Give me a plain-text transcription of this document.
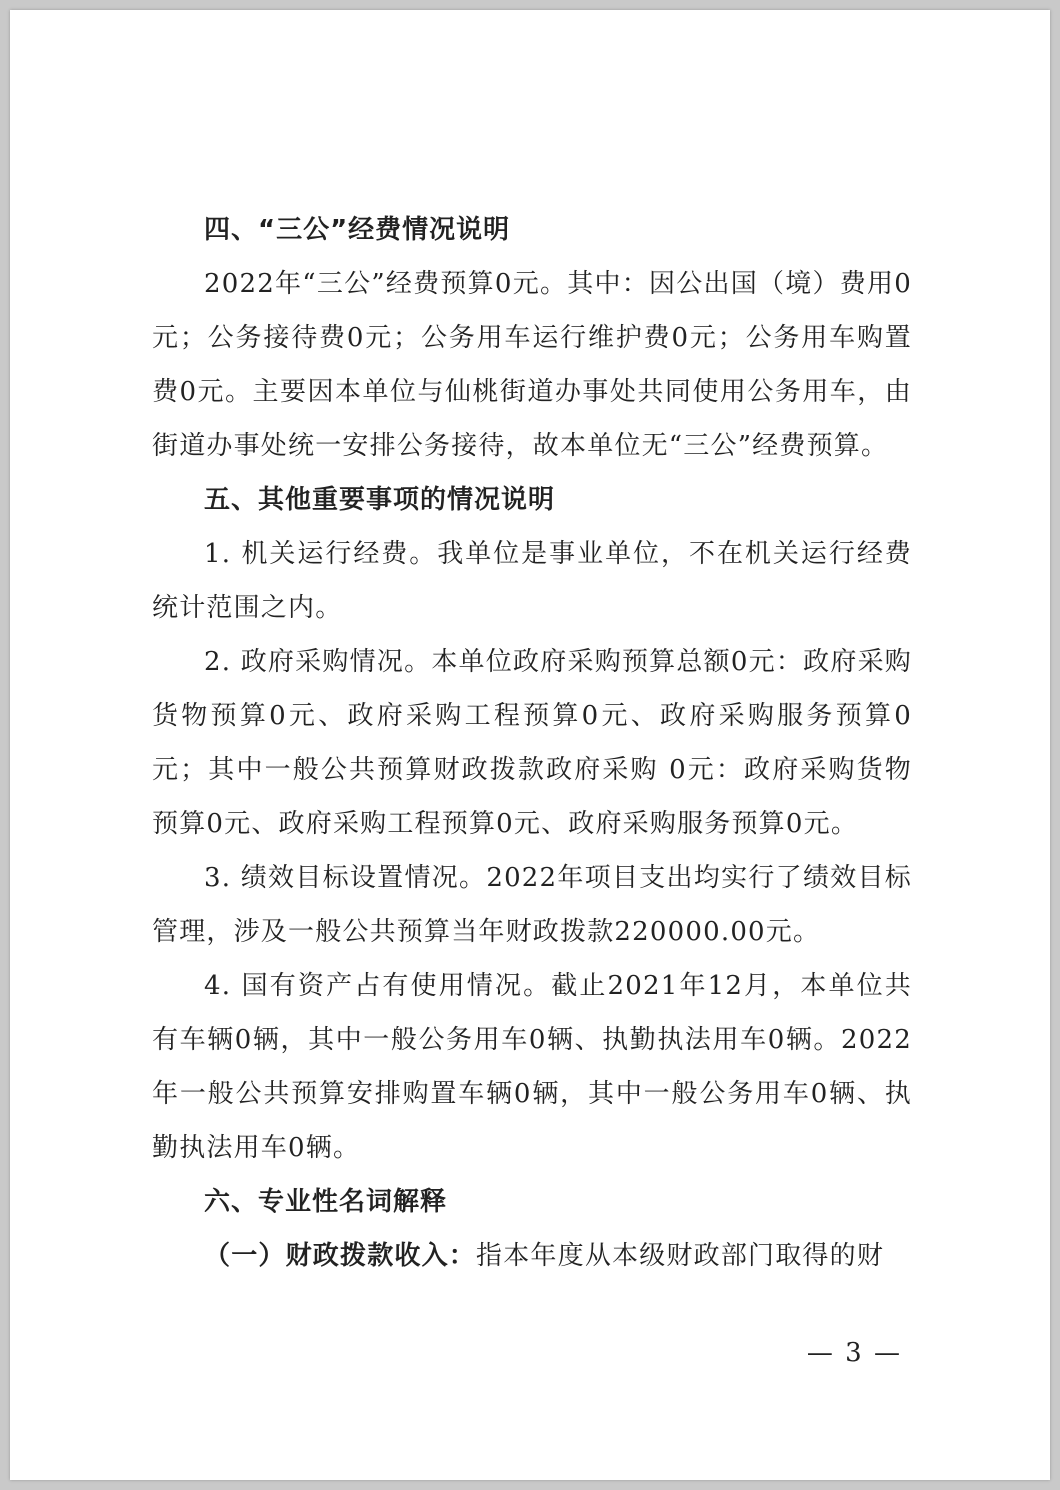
四、“三公”经费情况说明

2022年“三公”经费预算0元。其中：因公出国（境）费用0元；公务接待费0元；公务用车运行维护费0元；公务用车购置费0元。主要因本单位与仙桃街道办事处共同使用公务用车，由街道办事处统一安排公务接待，故本单位无“三公”经费预算。

五、其他重要事项的情况说明

1. 机关运行经费。我单位是事业单位，不在机关运行经费统计范围之内。

2. 政府采购情况。本单位政府采购预算总额0元：政府采购货物预算0元、政府采购工程预算0元、政府采购服务预算0元；其中一般公共预算财政拨款政府采购 0元：政府采购货物预算0元、政府采购工程预算0元、政府采购服务预算0元。

3. 绩效目标设置情况。2022年项目支出均实行了绩效目标管理，涉及一般公共预算当年财政拨款220000.00元。

4. 国有资产占有使用情况。截止2021年12月，本单位共有车辆0辆，其中一般公务用车0辆、执勤执法用车0辆。2022年一般公共预算安排购置车辆0辆，其中一般公务用车0辆、执勤执法用车0辆。

六、专业性名词解释

（一）财政拨款收入：指本年度从本级财政部门取得的财

— 3 —
